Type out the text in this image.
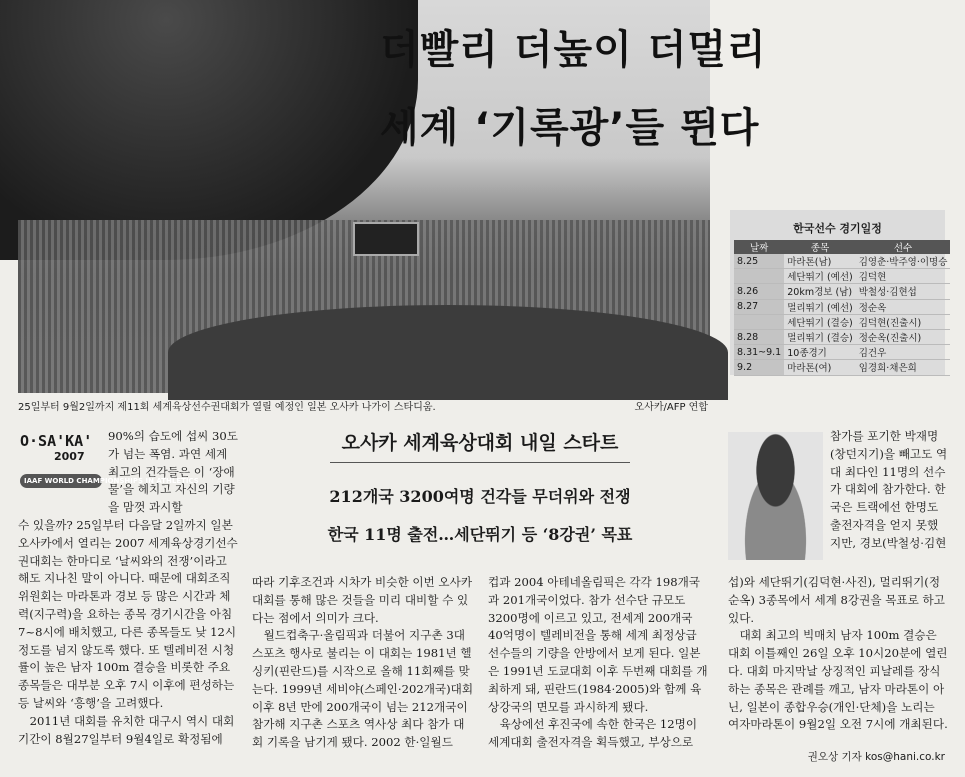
더빨리 더높이 더멀리
세계 ‘기록광’들 뛴다
25일부터 9월2일까지 제11회 세계육상선수권대회가 열릴 예정인 일본 오사카 나가이 스타디움.	오사카/AFP 연합
한국선수 경기일정
날짜	종목	선수
8.25	마라톤(남)	김영춘·박주영·이명승
	세단뛰기 (예선)	김덕현
8.26	20km경보 (남)	박철성·김현섭
8.27	멀리뛰기 (예선)	정순옥
	세단뛰기 (결승)	김덕현(진출시)
8.28	멀리뛰기 (결승)	정순옥(진출시)
8.31~9.1	10종경기	김건우
9.2	마라톤(여)	임경희·채은희
O·SA'KA'
2007
IAAF WORLD CHAMPIONSHIPS IN ATHLETICS
오사카 세계육상대회 내일 스타트
212개국 3200여명 건각들 무더위와 전쟁
한국 11명 출전…세단뛰기 등 ‘8강권’ 목표

90%의 습도에 섭씨 30도가 넘는 폭염. 과연 세계 최고의 건각들은 이 ‘장애물’을 헤치고 자신의 기량을 맘껏 과시할

수 있을까? 25일부터 다음달 2일까지 일본 오사카에서 열리는 2007 세계육상경기선수권대회는 한마디로 ‘날씨와의 전쟁’이라고 해도 지나친 말이 아니다. 때문에 대회조직위원회는 마라톤과 경보 등 많은 시간과 체력(지구력)을 요하는 종목 경기시간을 아침 7~8시에 배치했고, 다른 종목들도 낮 12시 정도를 넘지 않도록 했다. 또 텔레비전 시청률이 높은 남자 100m 결승을 비롯한 주요 종목들은 대부분 오후 7시 이후에 편성하는 등 날씨와 ‘흥행’을 고려했다.

2011년 대회를 유치한 대구시 역시 대회기간이 8월27일부터 9월4일로 확정됨에

따라 기후조건과 시차가 비슷한 이번 오사카대회를 통해 많은 것들을 미리 대비할 수 있다는 점에서 의미가 크다.

월드컵축구·올림픽과 더불어 지구촌 3대 스포츠 행사로 불리는 이 대회는 1981년 헬싱키(핀란드)를 시작으로 올해 11회째를 맞는다. 1999년 세비야(스페인·202개국)대회 이후 8년 만에 200개국이 넘는 212개국이 참가해 지구촌 스포츠 역사상 최다 참가 대회 기록을 남기게 됐다. 2002 한·일월드

컵과 2004 아테네올림픽은 각각 198개국과 201개국이었다. 참가 선수단 규모도 3200명에 이르고 있고, 전세계 200개국 40억명이 텔레비전을 통해 세계 최정상급 선수들의 기량을 안방에서 보게 된다. 일본은 1991년 도쿄대회 이후 두번째 대회를 개최하게 돼, 핀란드(1984·2005)와 함께 육상강국의 면모를 과시하게 됐다.

육상에선 후진국에 속한 한국은 12명이 세계대회 출전자격을 획득했고, 부상으로

참가를 포기한 박재명(창던지기)을 빼고도 역대 최다인 11명의 선수가 대회에 참가한다. 한국은 트랙에선 한명도 출전자격을 얻지 못했지만, 경보(박철성·김현

섭)와 세단뛰기(김덕현·사진), 멀리뛰기(정순옥) 3종목에서 세계 8강권을 목표로 하고 있다.

대회 최고의 빅매치 남자 100m 결승은 대회 이틀째인 26일 오후 10시20분에 열린다. 대회 마지막날 상징적인 피날레를 장식하는 종목은 관례를 깨고, 남자 마라톤이 아닌, 일본이 종합우승(개인·단체)을 노리는 여자마라톤이 9월2일 오전 7시에 개최된다.

권오상 기자 kos@hani.co.kr
